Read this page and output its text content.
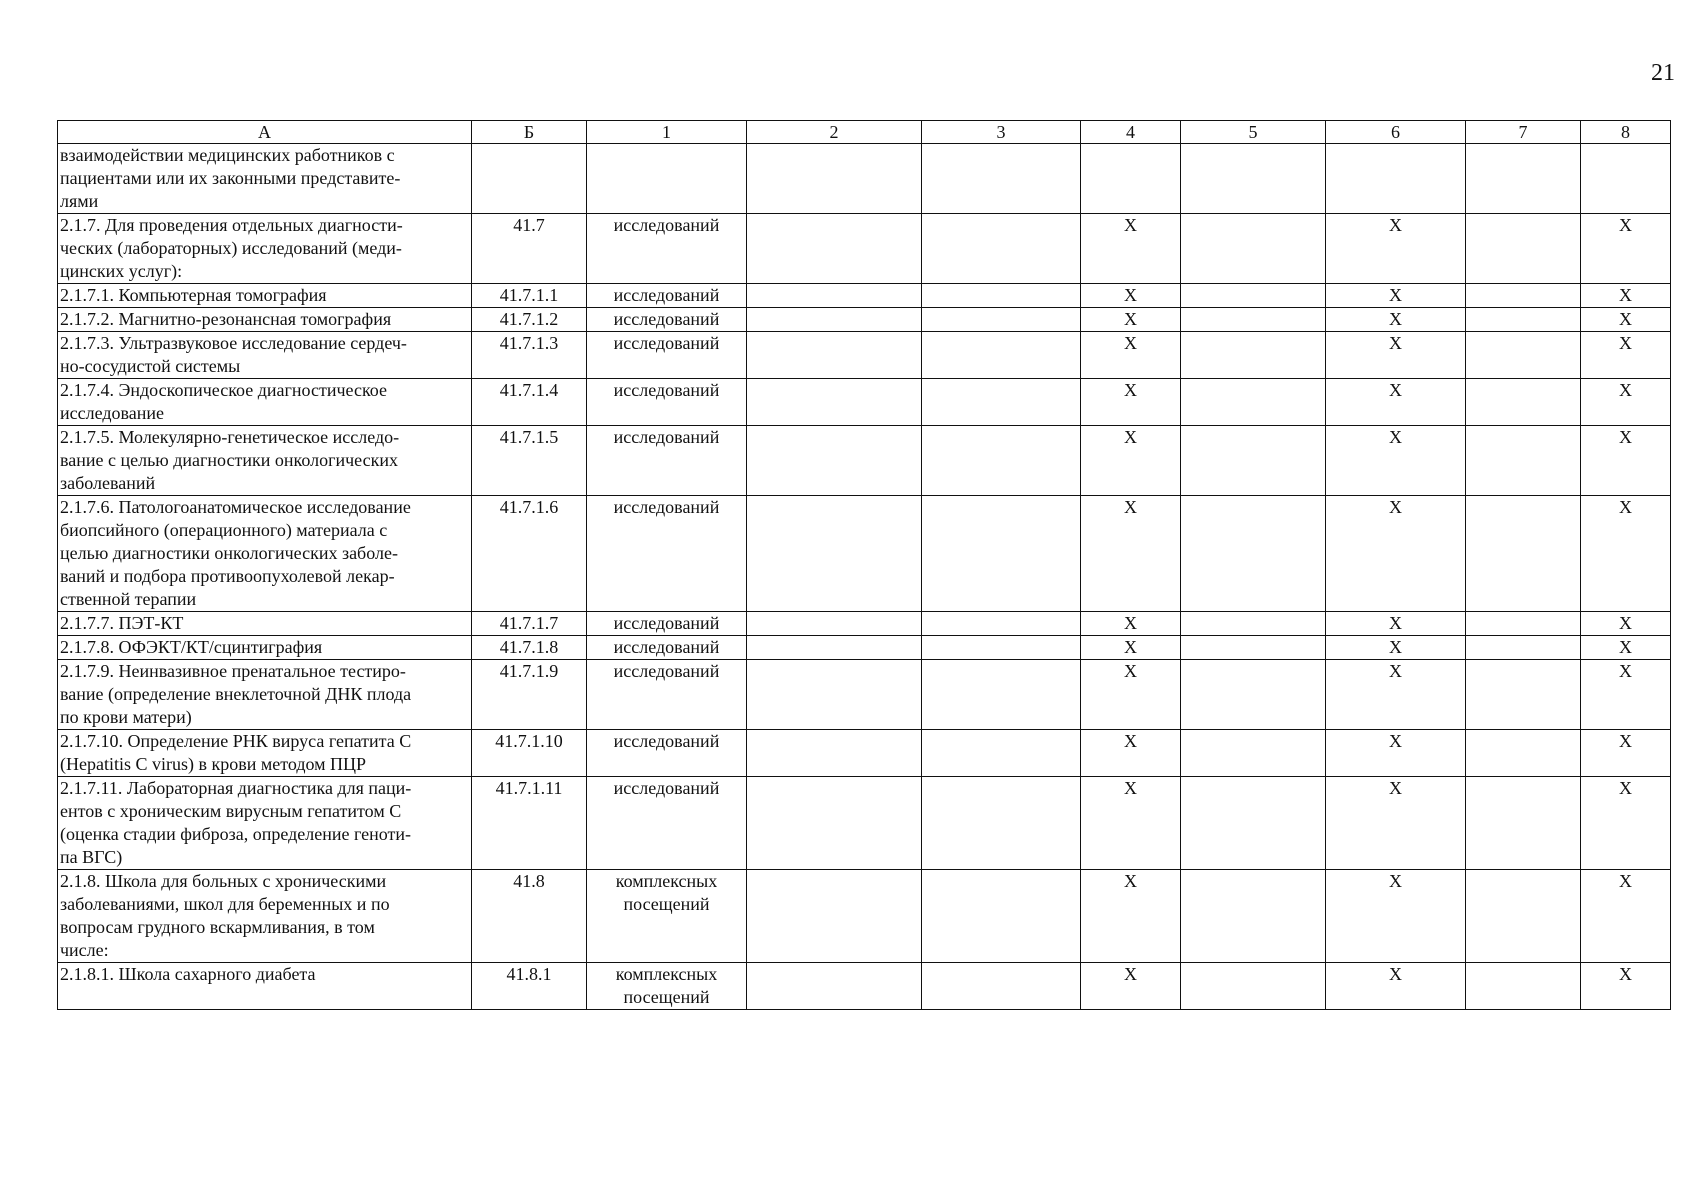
21
А	Б	1	2	3	4	5	6	7	8
взаимодействии медицинских работников с
пациентами или их законными представите-
лями									
2.1.7. Для проведения отдельных диагности-
ческих (лабораторных) исследований (меди-
цинских услуг):	41.7	исследований			Х		Х		Х
2.1.7.1. Компьютерная томография	41.7.1.1	исследований			Х		Х		Х
2.1.7.2. Магнитно-резонансная томография	41.7.1.2	исследований			Х		Х		Х
2.1.7.3. Ультразвуковое исследование сердеч-
но-сосудистой системы	41.7.1.3	исследований			Х		Х		Х
2.1.7.4. Эндоскопическое диагностическое
исследование	41.7.1.4	исследований			Х		Х		Х
2.1.7.5. Молекулярно-генетическое исследо-
вание с целью диагностики онкологических
заболеваний	41.7.1.5	исследований			Х		Х		Х
2.1.7.6. Патологоанатомическое исследование
биопсийного (операционного) материала с
целью диагностики онкологических заболе-
ваний и подбора противоопухолевой лекар-
ственной терапии	41.7.1.6	исследований			Х		Х		Х
2.1.7.7. ПЭТ-КТ	41.7.1.7	исследований			Х		Х		Х
2.1.7.8. ОФЭКТ/КТ/сцинтиграфия	41.7.1.8	исследований			Х		Х		Х
2.1.7.9. Неинвазивное пренатальное тестиро-
вание (определение внеклеточной ДНК плода
по крови матери)	41.7.1.9	исследований			Х		Х		Х
2.1.7.10. Определение РНК вируса гепатита С
(Hepatitis C virus) в крови методом ПЦР	41.7.1.10	исследований			Х		Х		Х
2.1.7.11. Лабораторная диагностика для паци-
ентов с хроническим вирусным гепатитом С
(оценка стадии фиброза, определение геноти-
па ВГС)	41.7.1.11	исследований			Х		Х		Х
2.1.8. Школа для больных с хроническими
заболеваниями, школ для беременных и по
вопросам грудного вскармливания, в том
числе:	41.8	комплексных
посещений			Х		Х		Х
2.1.8.1. Школа сахарного диабета	41.8.1	комплексных
посещений			Х		Х		Х
